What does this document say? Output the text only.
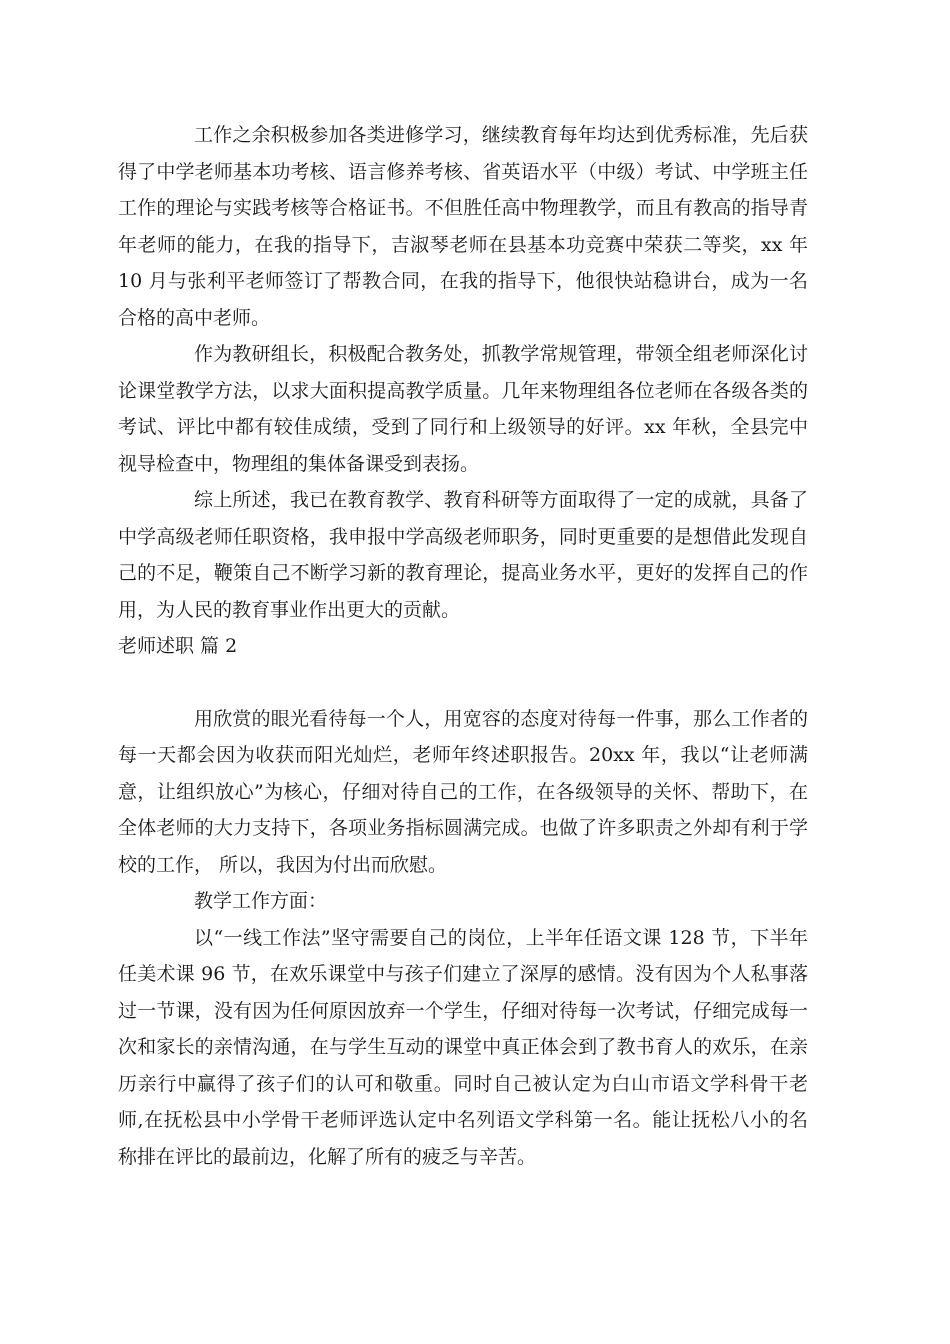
工作之余积极参加各类进修学习，继续教育每年均达到优秀标准，先后获得了中学老师基本功考核、语言修养考核、省英语水平（中级）考试、中学班主任工作的理论与实践考核等合格证书。不但胜任高中物理教学，而且有教高的指导青年老师的能力，在我的指导下，吉淑琴老师在县基本功竞赛中荣获二等奖，xx 年 10 月与张利平老师签订了帮教合同，在我的指导下，他很快站稳讲台，成为一名合格的高中老师。

作为教研组长，积极配合教务处，抓教学常规管理，带领全组老师深化讨论课堂教学方法，以求大面积提高教学质量。几年来物理组各位老师在各级各类的考试、评比中都有较佳成绩，受到了同行和上级领导的好评。xx 年秋，全县完中视导检查中，物理组的集体备课受到表扬。

综上所述，我已在教育教学、教育科研等方面取得了一定的成就，具备了中学高级老师任职资格，我申报中学高级老师职务，同时更重要的是想借此发现自己的不足，鞭策自己不断学习新的教育理论，提高业务水平，更好的发挥自己的作用，为人民的教育事业作出更大的贡献。

老师述职 篇 2

用欣赏的眼光看待每一个人，用宽容的态度对待每一件事，那么工作者的每一天都会因为收获而阳光灿烂，老师年终述职报告。20xx 年，我以“让老师满意，让组织放心”为核心，仔细对待自己的工作，在各级领导的关怀、帮助下，在全体老师的大力支持下，各项业务指标圆满完成。也做了许多职责之外却有利于学校的工作， 所以，我因为付出而欣慰。

教学工作方面：

以“一线工作法”坚守需要自己的岗位，上半年任语文课 128 节，下半年任美术课 96 节，在欢乐课堂中与孩子们建立了深厚的感情。没有因为个人私事落过一节课，没有因为任何原因放弃一个学生，仔细对待每一次考试，仔细完成每一次和家长的亲情沟通，在与学生互动的课堂中真正体会到了教书育人的欢乐，在亲历亲行中赢得了孩子们的认可和敬重。同时自己被认定为白山市语文学科骨干老师,在抚松县中小学骨干老师评选认定中名列语文学科第一名。能让抚松八小的名称排在评比的最前边，化解了所有的疲乏与辛苦。
